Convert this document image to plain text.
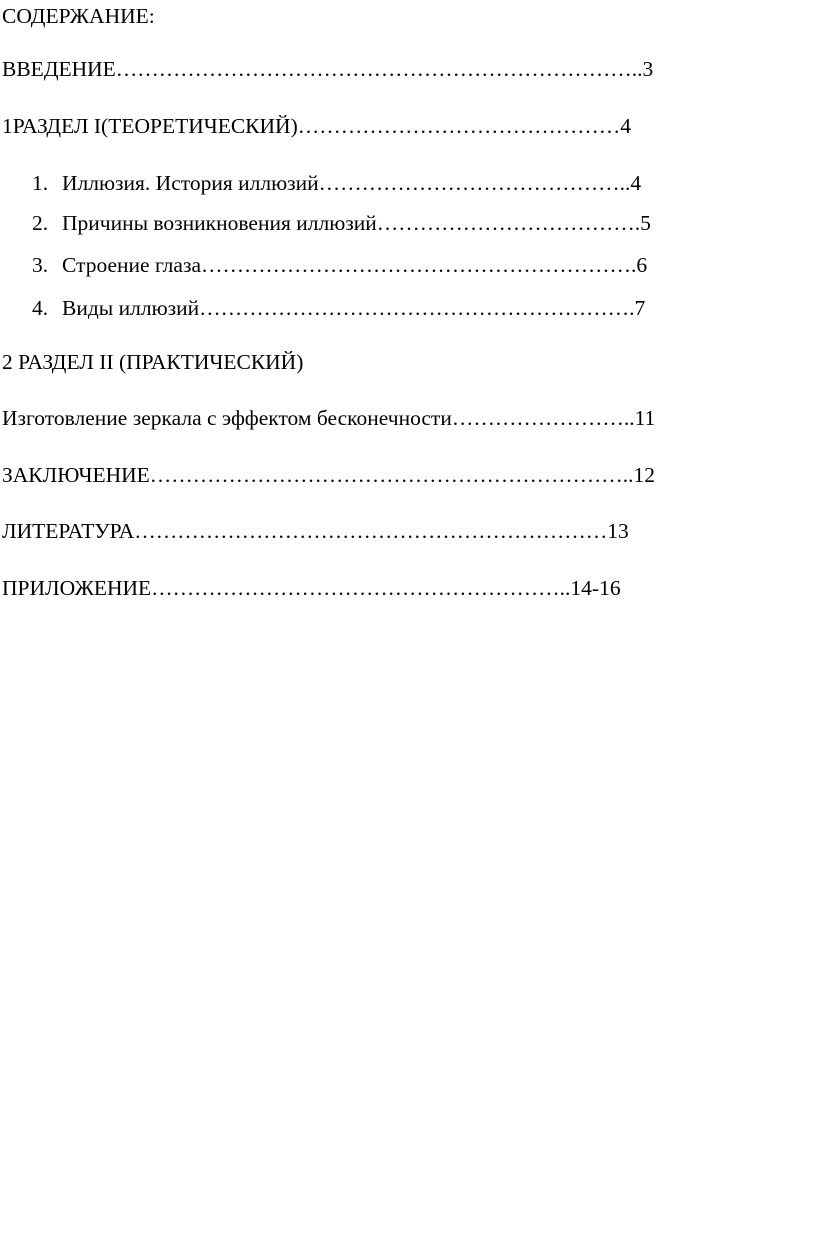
СОДЕРЖАНИЕ:
ВВЕДЕНИЕ………………………………………………………………..3
1РАЗДЕЛ I(ТЕОРЕТИЧЕСКИЙ)………………………………………4
1. Иллюзия. История иллюзий……………………………………..4
2. Причины возникновения иллюзий……………………………….5
3. Строение глаза…………………………………………………….6
4. Виды иллюзий…………………………………………………….7
2 РАЗДЕЛ II (ПРАКТИЧЕСКИЙ)
Изготовление зеркала с эффектом бесконечности……………………..11
ЗАКЛЮЧЕНИЕ…………………………………………………………..12
ЛИТЕРАТУРА…………………………………………………………13
ПРИЛОЖЕНИЕ…………………………………………………..14-16
